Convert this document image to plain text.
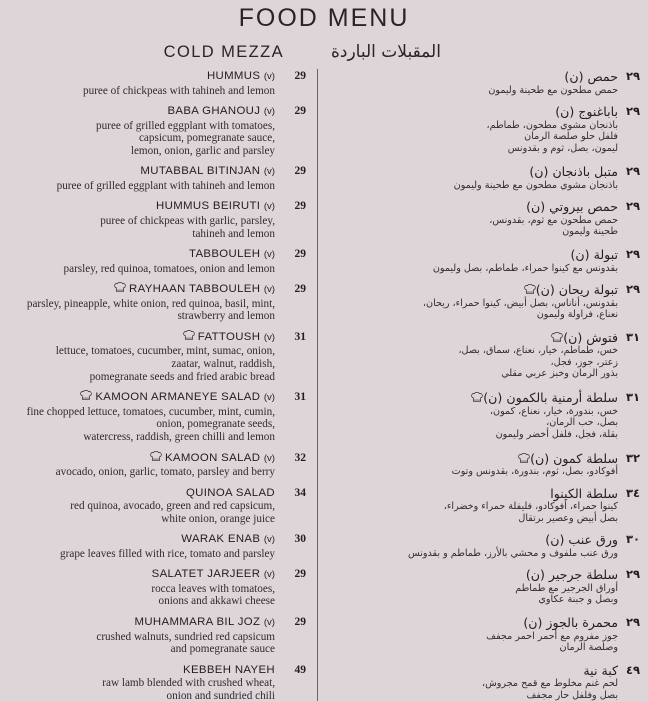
FOOD MENU
COLD MEZZA	المقبلات الباردة
HUMMUS (v)
puree of chickpeas with tahineh and lemon
29	٢٩
حمص (ن)
حمص مطحون مع طحينة وليمون
BABA GHANOUJ (v)
puree of grilled eggplant with tomatoes,
capsicum, pomegranate sauce,
lemon, onion, garlic and parsley
29	٢٩
باباغنوج (ن)
باذنجان مشوي مطحون، طماطم،
فلفل حلو صلصة الرمان
ليمون، بصل، ثوم و بقدونس
MUTABBAL BITINJAN (v)
puree of grilled eggplant with tahineh and lemon
29	٢٩
متبل باذنجان (ن)
باذنجان مشوي مطحون مع طحينة وليمون
HUMMUS BEIRUTI (v)
puree of chickpeas with garlic, parsley,
tahineh and lemon
29	٢٩
حمص بيروتي (ن)
حمص مطحون مع ثوم، بقدونس،
طحينة وليمون
TABBOULEH (v)
parsley, red quinoa, tomatoes, onion and lemon
29	٢٩
تبولة (ن)
بقدونس مع كينوا حمراء، طماطم، بصل وليمون
RAYHAAN TABBOULEH (v)
parsley, pineapple, white onion, red quinoa, basil, mint,
strawberry and lemon
29	٢٩
تبولة ريحان (ن)
بقدونس، أناناس، بصل أبيض، كينوا حمراء، ريحان،
نعناع، فراولة وليمون
FATTOUSH (v)
lettuce, tomatoes, cucumber, mint, sumac, onion,
zaatar, walnut, raddish,
pomegranate seeds and fried arabic bread
31	٣١
فتوش (ن)
خس، طماطم، خيار، نعناع، سماق، بصل،
زعتر، جوز، فجل،
بذور الرمان وخبز عربي مقلي
KAMOON ARMANEYE SALAD (v)
fine chopped lettuce, tomatoes, cucumber, mint, cumin,
onion, pomegranate seeds,
watercress, raddish, green chilli and lemon
31	٣١
سلطة أرمنية بالكمون (ن)
خس، بندورة، خيار، نعناع، كمون،
بصل، حب الرمان،
بقلة، فجل، فلفل أخضر وليمون
KAMOON SALAD (v)
avocado, onion, garlic, tomato, parsley and berry
32	٣٢
سلطة كمون (ن)
أفوكادو، بصل، ثوم، بندورة، بقدونس وتوت
QUINOA SALAD
red quinoa, avocado, green and red capsicum,
white onion, orange juice
34	٣٤
سلطة الكينوا
كينوا حمراء، أفوكادو، فليفلة حمراء وخضراء،
بصل أبيض وعصير برتقال
WARAK ENAB (v)
grape leaves filled with rice, tomato and parsley
30	٣٠
ورق عنب (ن)
ورق عنب ملفوف و محشي بالأرز، طماطم و بقدونس
SALATET JARJEER (v)
rocca leaves with tomatoes,
onions and akkawi cheese
29	٢٩
سلطة جرجير (ن)
أوراق الجرجير مع طماطم
وبصل و جبنة عكاوي
MUHAMMARA BIL JOZ (v)
crushed walnuts, sundried red capsicum
and pomegranate sauce
29	٢٩
محمرة بالجوز (ن)
جوز مفروم مع أحمر احمر مجفف
وصلصة الرمان
KEBBEH NAYEH
raw lamb blended with crushed wheat,
onion and sundried chili
49	٤٩
كبة نية
لحم غنم مخلوط مع قمح مجروش،
بصل وفلفل حار مجفف
